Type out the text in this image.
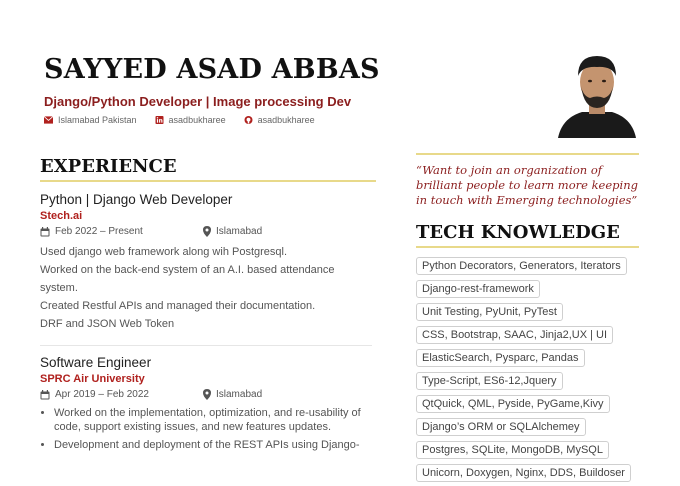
SAYYED ASAD ABBAS
Django/Python Developer | Image processing Dev
Islamabad Pakistan	asadbukharee	asadbukharee
EXPERIENCE
Python | Django Web Developer
Stech.ai
Feb 2022 – Present	Islamabad
Used django web framework along wih Postgresql.
Worked on the back-end system of an A.I. based attendance system.
Created Restful APIs and managed their documentation.
DRF and JSON Web Token
Software Engineer
SPRC Air University
Apr 2019 – Feb 2022	Islamabad
• Worked on the implementation, optimization, and re-usability of code, support existing issues, and new features updates.
• Development and deployment of the REST APIs using Django-
“Want to join an organization of brilliant people to learn more keeping in touch with Emerging technologies”
TECH KNOWLEDGE
Python Decorators, Generators, Iterators
Django-rest-framework
Unit Testing, PyUnit, PyTest
CSS, Bootstrap, SAAC, Jinja2,UX | UI
ElasticSearch, Pysparc, Pandas
Type-Script, ES6-12,Jquery
QtQuick, QML, Pyside, PyGame,Kivy
Django’s ORM or SQLAlchemey
Postgres, SQLite, MongoDB, MySQL
Unicorn, Doxygen, Nginx, DDS, Buildoser
